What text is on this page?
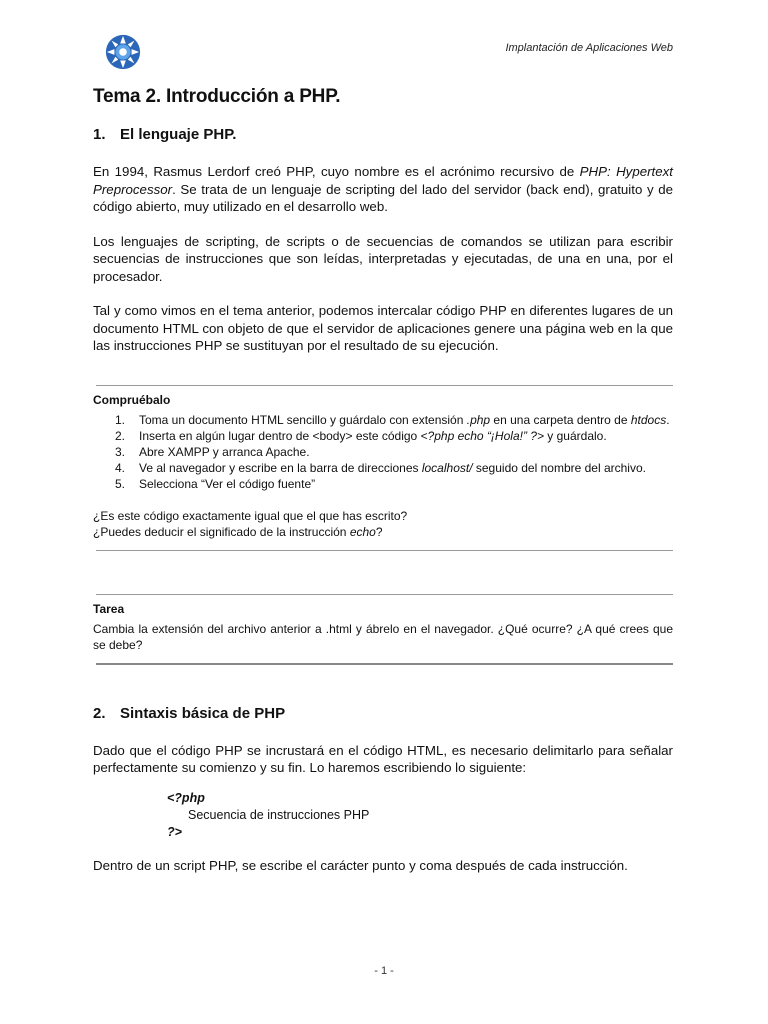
Implantación de Aplicaciones Web
Tema 2. Introducción a PHP.
1. El lenguaje PHP.

En 1994, Rasmus Lerdorf creó PHP, cuyo nombre es el acrónimo recursivo de PHP: Hypertext Preprocessor. Se trata de un lenguaje de scripting del lado del servidor (back end), gratuito y de código abierto, muy utilizado en el desarrollo web.

Los lenguajes de scripting, de scripts o de secuencias de comandos se utilizan para escribir secuencias de instrucciones que son leídas, interpretadas y ejecutadas, de una en una, por el procesador.

Tal y como vimos en el tema anterior, podemos intercalar código PHP en diferentes lugares de un documento HTML con objeto de que el servidor de aplicaciones genere una página web en la que las instrucciones PHP se sustituyan por el resultado de su ejecución.

Compruébalo
1. Toma un documento HTML sencillo y guárdalo con extensión .php en una carpeta dentro de htdocs.
2. Inserta en algún lugar dentro de <body> este código <?php echo “¡Hola!” ?> y guárdalo.
3. Abre XAMPP y arranca Apache.
4. Ve al navegador y escribe en la barra de direcciones localhost/ seguido del nombre del archivo.
5. Selecciona “Ver el código fuente”
¿Es este código exactamente igual que el que has escrito?
¿Puedes deducir el significado de la instrucción echo?
Tarea
Cambia la extensión del archivo anterior a .html y ábrelo en el navegador. ¿Qué ocurre? ¿A qué crees que se debe?
2. Sintaxis básica de PHP

Dado que el código PHP se incrustará en el código HTML, es necesario delimitarlo para señalar perfectamente su comienzo y su fin. Lo haremos escribiendo lo siguiente:

<?php
Secuencia de instrucciones PHP
?>

Dentro de un script PHP, se escribe el carácter punto y coma después de cada instrucción.

- 1 -
